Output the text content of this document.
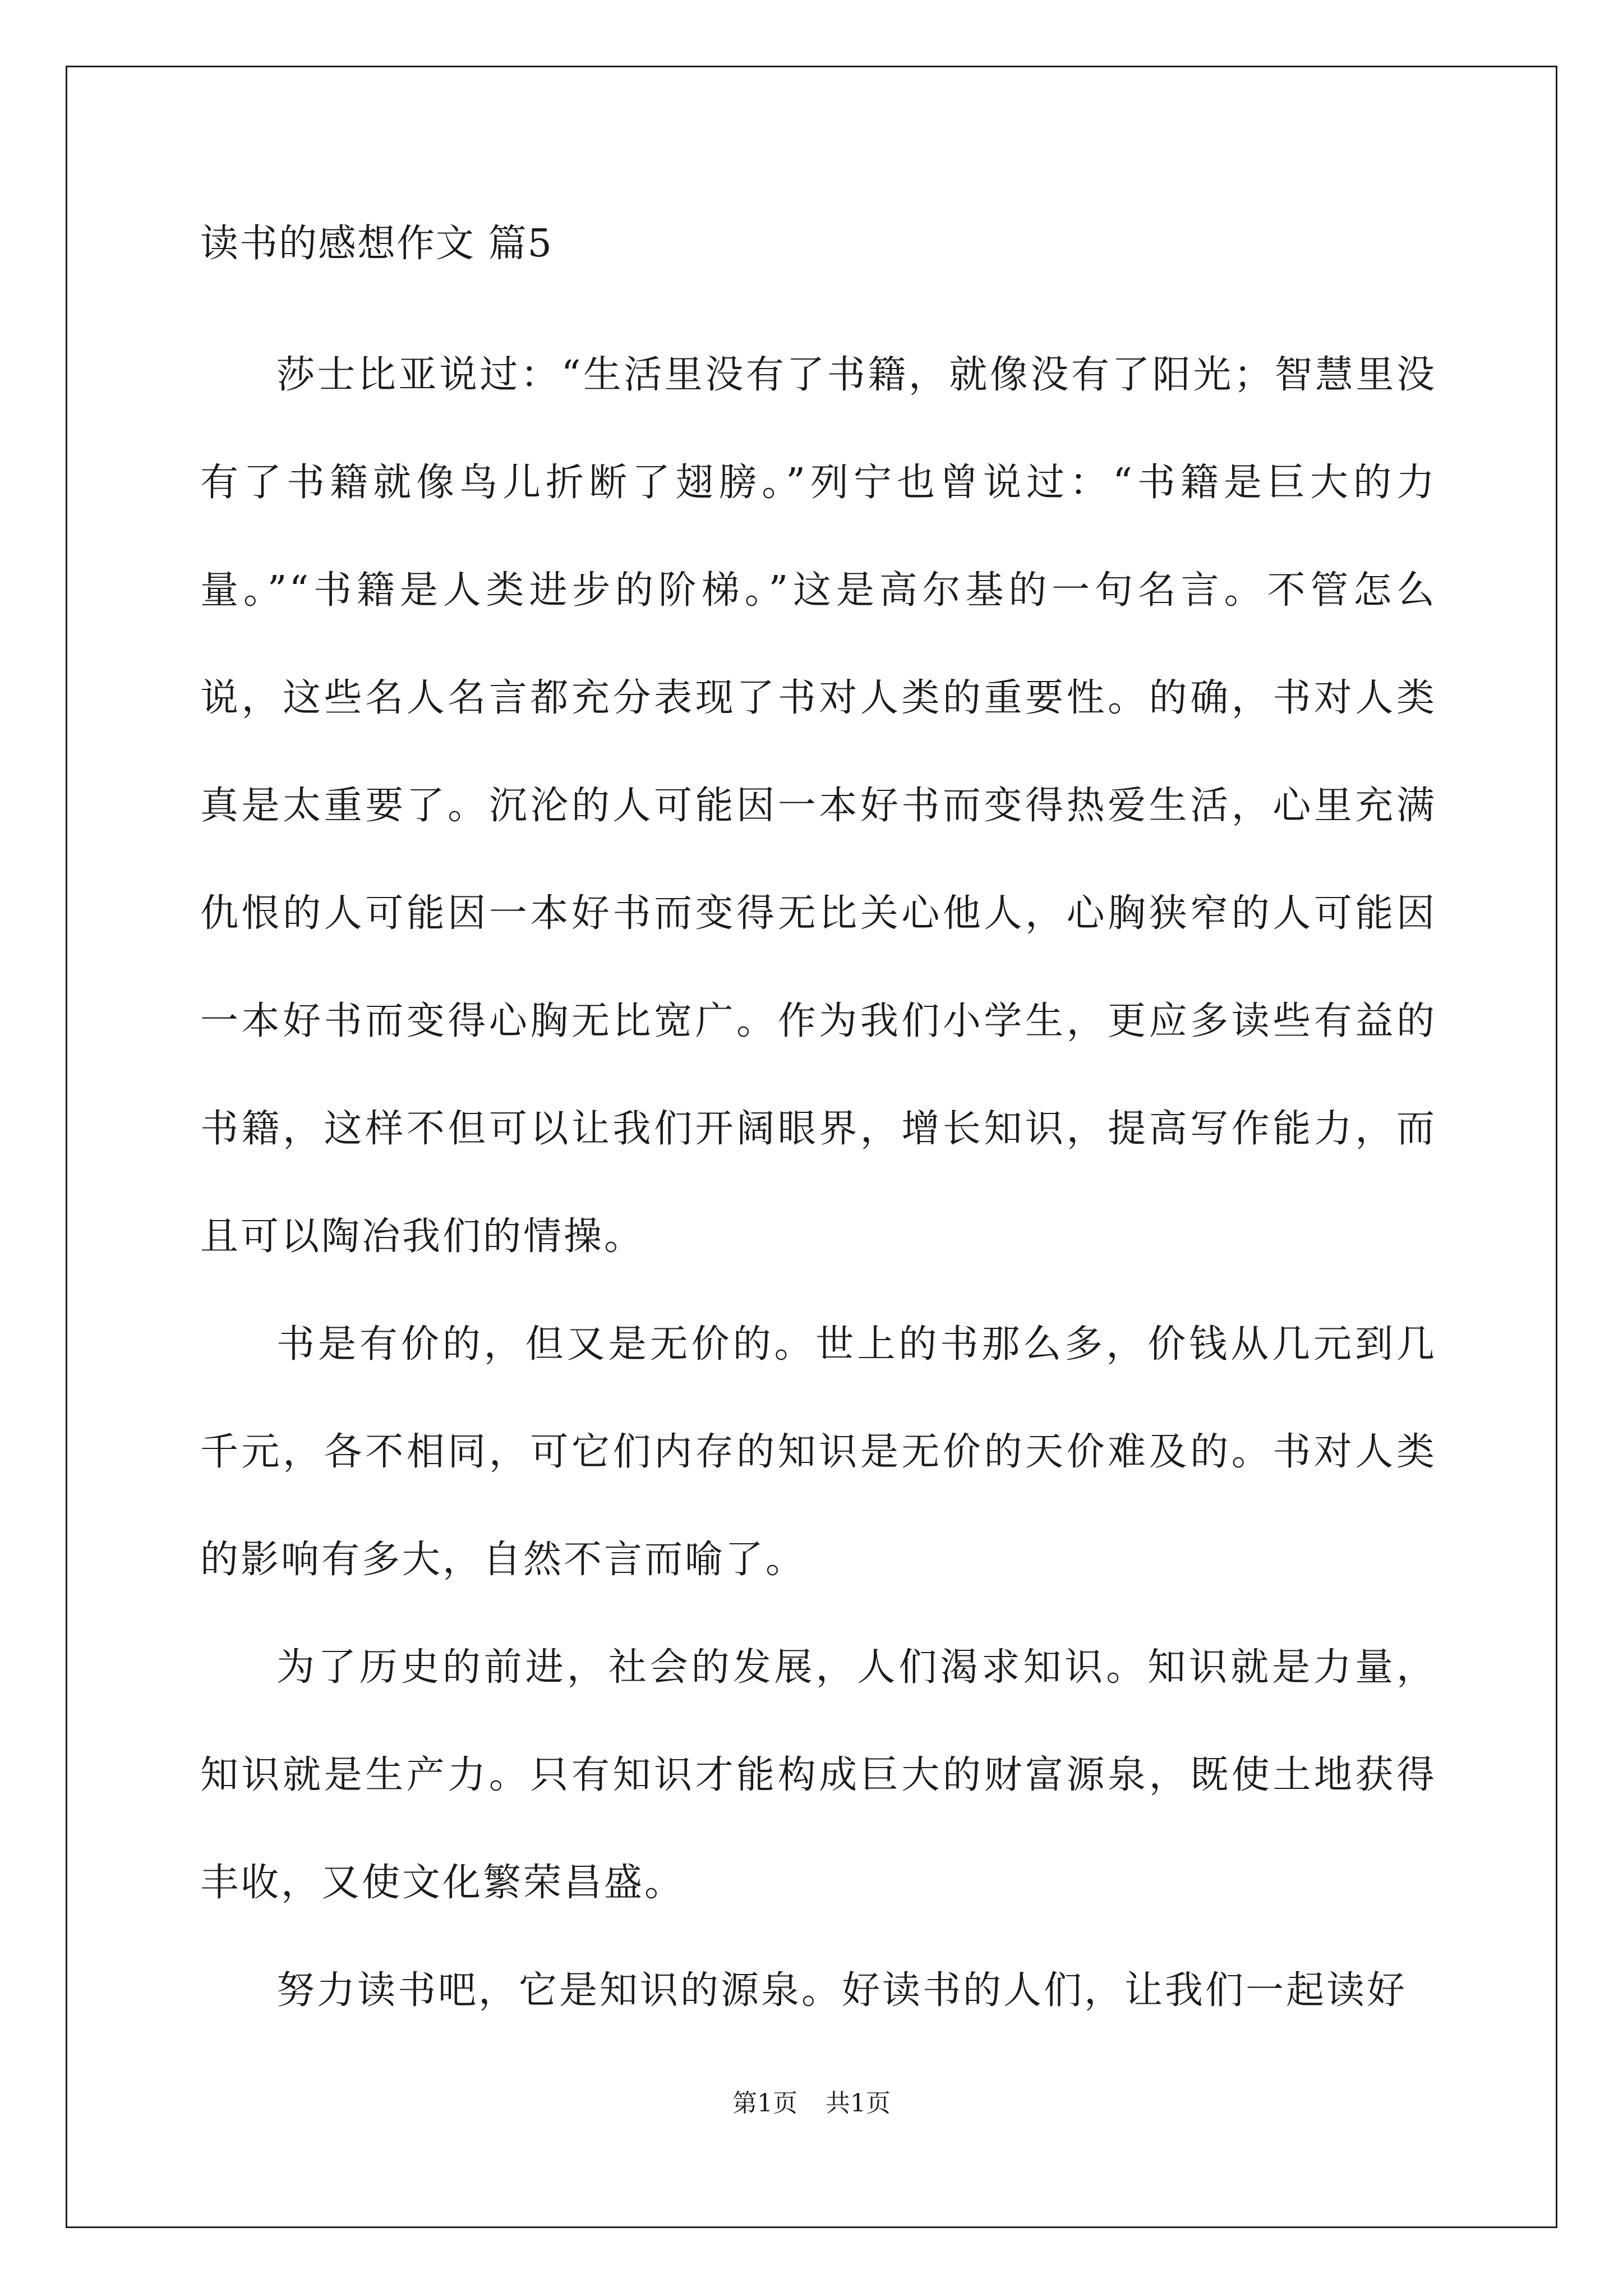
读书的感想作文 篇5

莎士比亚说过：“生活里没有了书籍，就像没有了阳光；智慧里没有了书籍就像鸟儿折断了翅膀。”列宁也曾说过：“书籍是巨大的力量。”“书籍是人类进步的阶梯。”这是高尔基的一句名言。不管怎么说，这些名人名言都充分表现了书对人类的重要性。的确，书对人类真是太重要了。沉沦的人可能因一本好书而变得热爱生活，心里充满仇恨的人可能因一本好书而变得无比关心他人，心胸狭窄的人可能因一本好书而变得心胸无比宽广。作为我们小学生，更应多读些有益的书籍，这样不但可以让我们开阔眼界，增长知识，提高写作能力，而且可以陶冶我们的情操。

书是有价的，但又是无价的。世上的书那么多，价钱从几元到几千元，各不相同，可它们内存的知识是无价的天价难及的。书对人类的影响有多大，自然不言而喻了。

为了历史的前进，社会的发展，人们渴求知识。知识就是力量，知识就是生产力。只有知识才能构成巨大的财富源泉，既使土地获得丰收，又使文化繁荣昌盛。

努力读书吧，它是知识的源泉。好读书的人们，让我们一起读好

第1页 共1页
